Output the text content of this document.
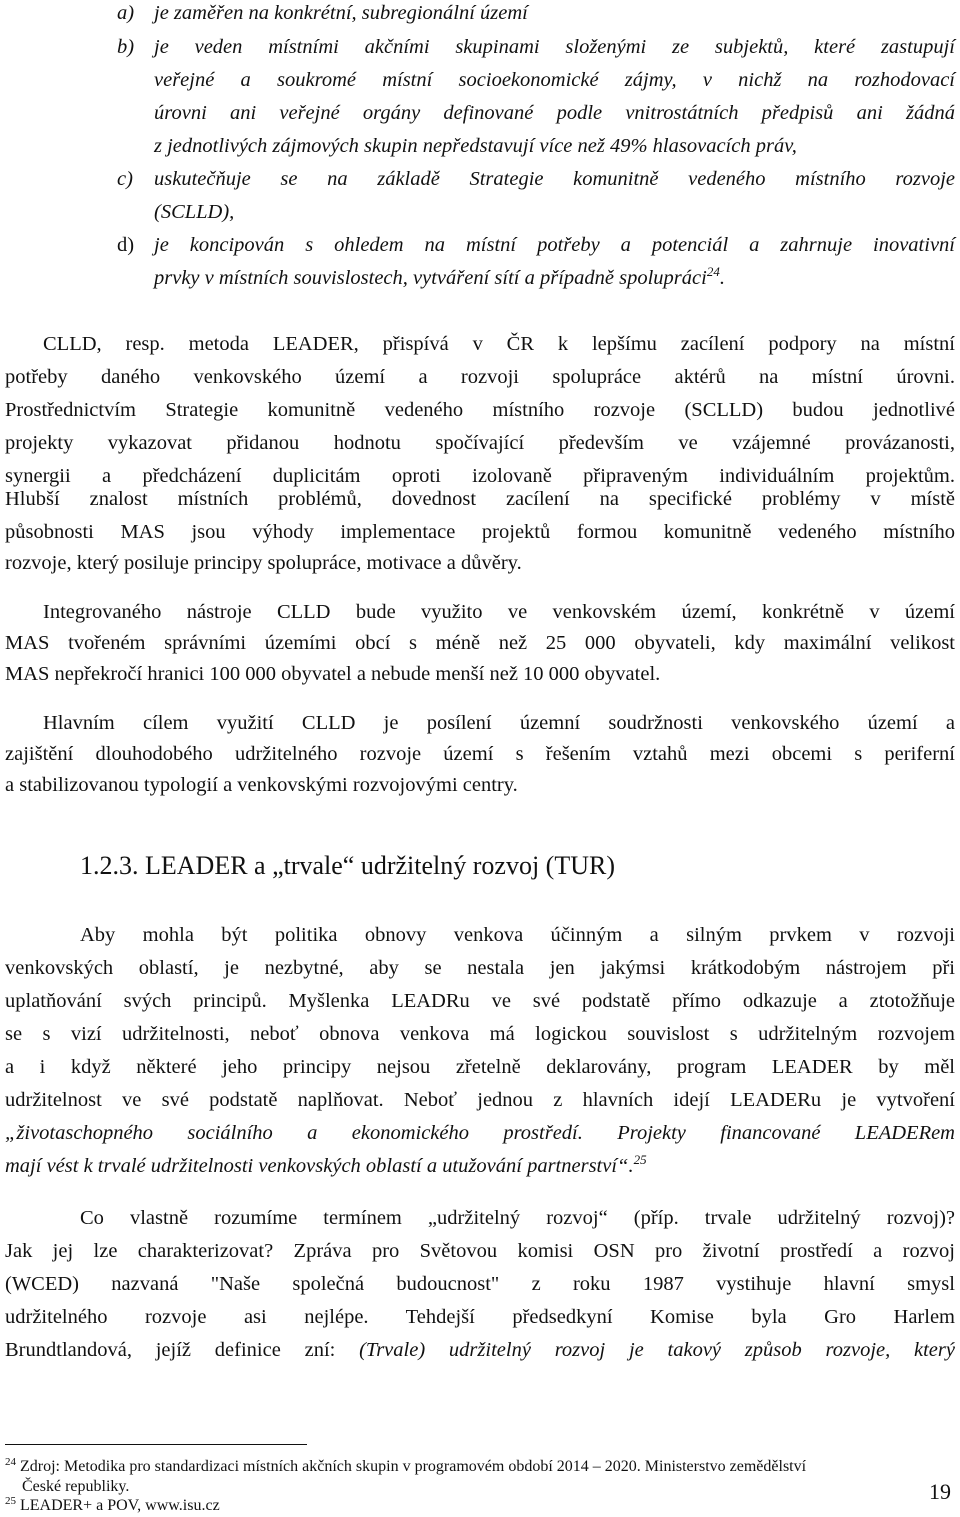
a) je zaměřen na konkrétní, subregionální území
b) je veden místními akčními skupinami složenými ze subjektů, které zastupují
veřejné a soukromé místní socioekonomické zájmy, v nichž na rozhodovací
úrovni ani veřejné orgány definované podle vnitrostátních předpisů ani žádná
z jednotlivých zájmových skupin nepředstavují více než 49% hlasovacích práv,
c) uskutečňuje se na základě Strategie komunitně vedeného místního rozvoje
(SCLLD),
d) je koncipován s ohledem na místní potřeby a potenciál a zahrnuje inovativní
prvky v místních souvislostech, vytváření sítí a případně spolupráci$^{24}$.
CLLD, resp. metoda LEADER, přispívá v ČR k lepšímu zacílení podpory na místní
potřeby daného venkovského území a rozvoji spolupráce aktérů na místní úrovni.
Prostřednictvím Strategie komunitně vedeného místního rozvoje (SCLLD) budou jednotlivé
projekty vykazovat přidanou hodnotu spočívající především ve vzájemné provázanosti,
synergii a předcházení duplicitám oproti izolovaně připraveným individuálním projektům.
Hlubší znalost místních problémů, dovednost zacílení na specifické problémy v místě
působnosti MAS jsou výhody implementace projektů formou komunitně vedeného místního
rozvoje, který posiluje principy spolupráce, motivace a důvěry.
Integrovaného nástroje CLLD bude využito ve venkovském území, konkrétně v území
MAS tvořeném správními územími obcí s méně než 25 000 obyvateli, kdy maximální velikost
MAS nepřekročí hranici 100 000 obyvatel a nebude menší než 10 000 obyvatel.
Hlavním cílem využití CLLD je posílení územní soudržnosti venkovského území a
zajištění dlouhodobého udržitelného rozvoje území s řešením vztahů mezi obcemi s periferní
a stabilizovanou typologií a venkovskými rozvojovými centry.
1.2.3. LEADER a „trvale“ udržitelný rozvoj (TUR)
Aby mohla být politika obnovy venkova účinným a silným prvkem v rozvoji
venkovských oblastí, je nezbytné, aby se nestala jen jakýmsi krátkodobým nástrojem při
uplatňování svých principů. Myšlenka LEADRu ve své podstatě přímo odkazuje a ztotožňuje
se s vizí udržitelnosti, neboť obnova venkova má logickou souvislost s udržitelným rozvojem
a i když některé jeho principy nejsou zřetelně deklarovány, program LEADER by měl
udržitelnost ve své podstatě naplňovat. Neboť jednou z hlavních idejí LEADERu je vytvoření
„životaschopného sociálního a ekonomického prostředí. Projekty financované LEADERem
mají vést k trvalé udržitelnosti venkovských oblastí a utužování partnerství“.$^{25}$
Co vlastně rozumíme termínem „udržitelný rozvoj“ (příp. trvale udržitelný rozvoj)?
Jak jej lze charakterizovat? Zpráva pro Světovou komisi OSN pro životní prostředí a rozvoj
(WCED) nazvaná "Naše společná budoucnost" z roku 1987 vystihuje hlavní smysl
udržitelného rozvoje asi nejlépe. Tehdejší předsedkyní Komise byla Gro Harlem
Brundtlandová, jejíž definice zní: (Trvale) udržitelný rozvoj je takový způsob rozvoje, který
$^{24}$ Zdroj: Metodika pro standardizaci místních akčních skupin v programovém období 2014 – 2020. Ministerstvo zemědělství
České republiky.
$^{25}$ LEADER+ a POV, www.isu.cz
19
